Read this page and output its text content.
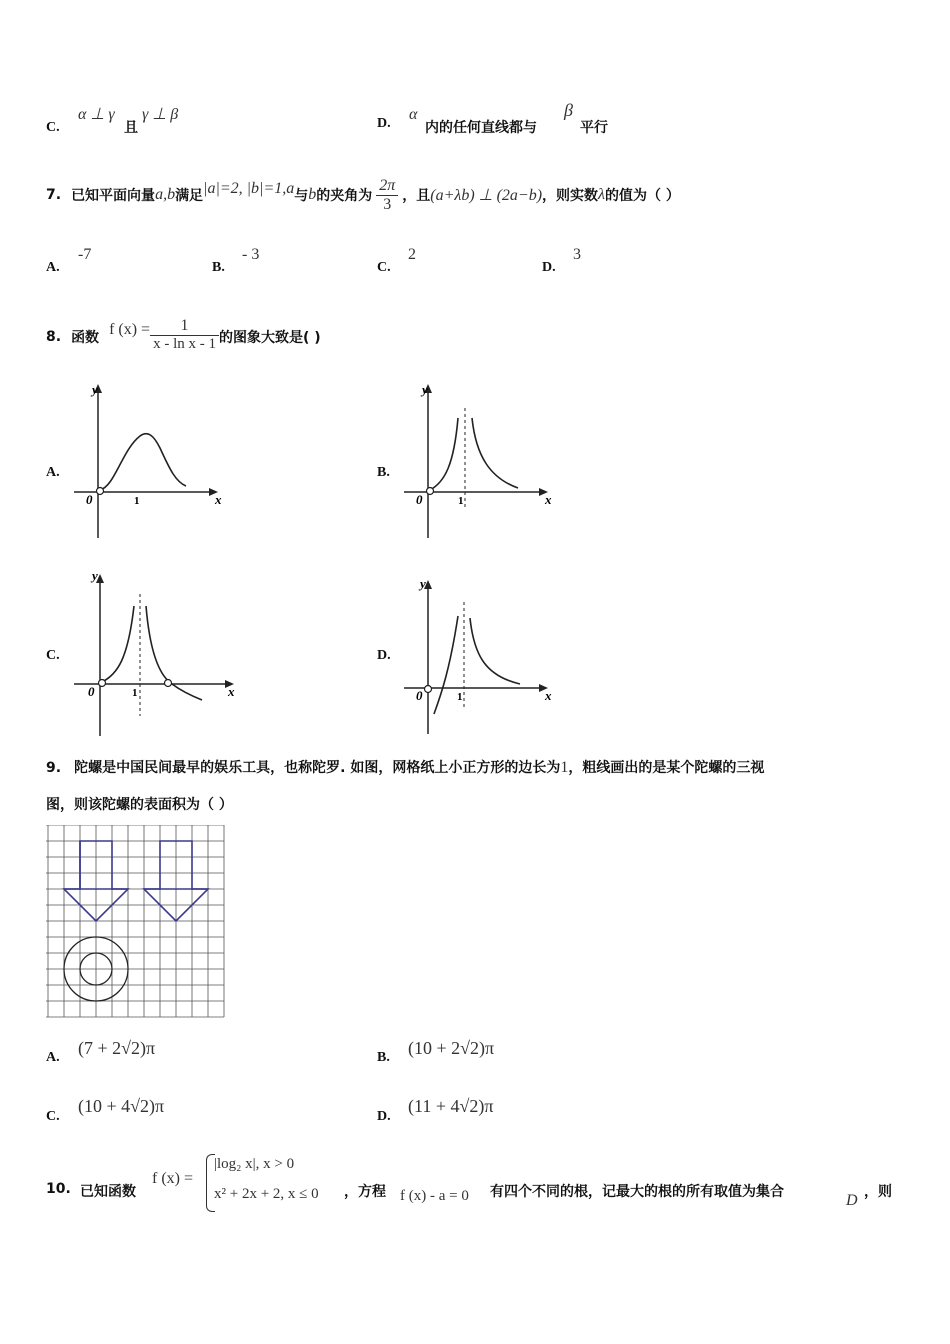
C.
α ⊥ γ
且
γ ⊥ β
D.
α
内的任何直线都与
β
平行
7. 已知平面向量 a,b 满足 |a|=2, |b|=1,a 与 b 的夹角为 $\frac{2\pi}{3}$ ，且 (a+λb) ⊥ (2a−b) ，则实数 λ 的值为（ ）
A.
-7
B.
- 3
C.
2
D.
3
8. 函数 f $(x) = \frac{1}{\text{x - ln x - 1}}$ 的图象大致是( )
A.
y
x
0	1
B.
y
x
0	1
C.
y
x
0	1
D.
y
x
0	1
9. 陀螺是中国民间最早的娱乐工具，也称陀罗. 如图，网格纸上小正方形的边长为1，粗线画出的是某个陀螺的三视
图，则该陀螺的表面积为（ ）
A. (7 + 2√2)π	B. (10 + 2√2)π
C.
(10 + 4√2)π
D.
(11 + 4√2)π
10. 已知函数
f (x) =
|log₂ x|, x > 0
x² + 2x + 2, x ≤ 0 ，方程 f (x) - a = 0 有四个不同的根，记最大的根的所有取值为集合	D ，则
